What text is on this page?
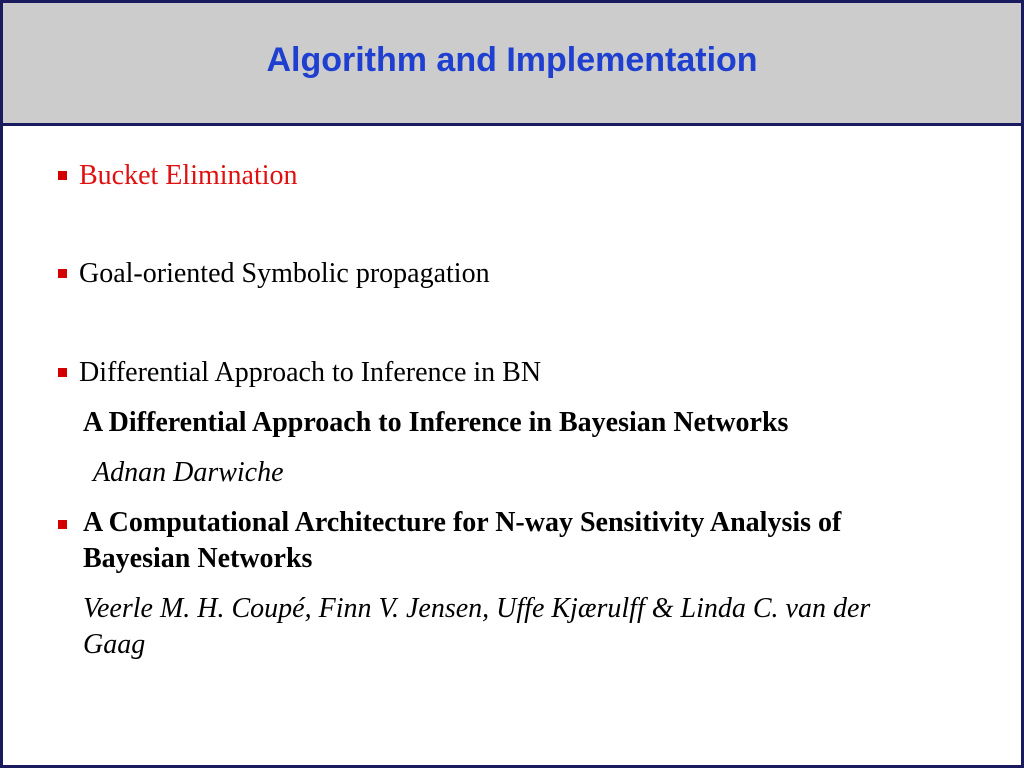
Algorithm and Implementation
Bucket Elimination
Goal-oriented Symbolic propagation
Differential Approach to Inference in BN
A Differential Approach to Inference in Bayesian Networks
Adnan Darwiche
A Computational Architecture for N-way Sensitivity Analysis of Bayesian Networks
Veerle M. H. Coupé, Finn V. Jensen, Uffe Kjærulff & Linda C. van der Gaag
